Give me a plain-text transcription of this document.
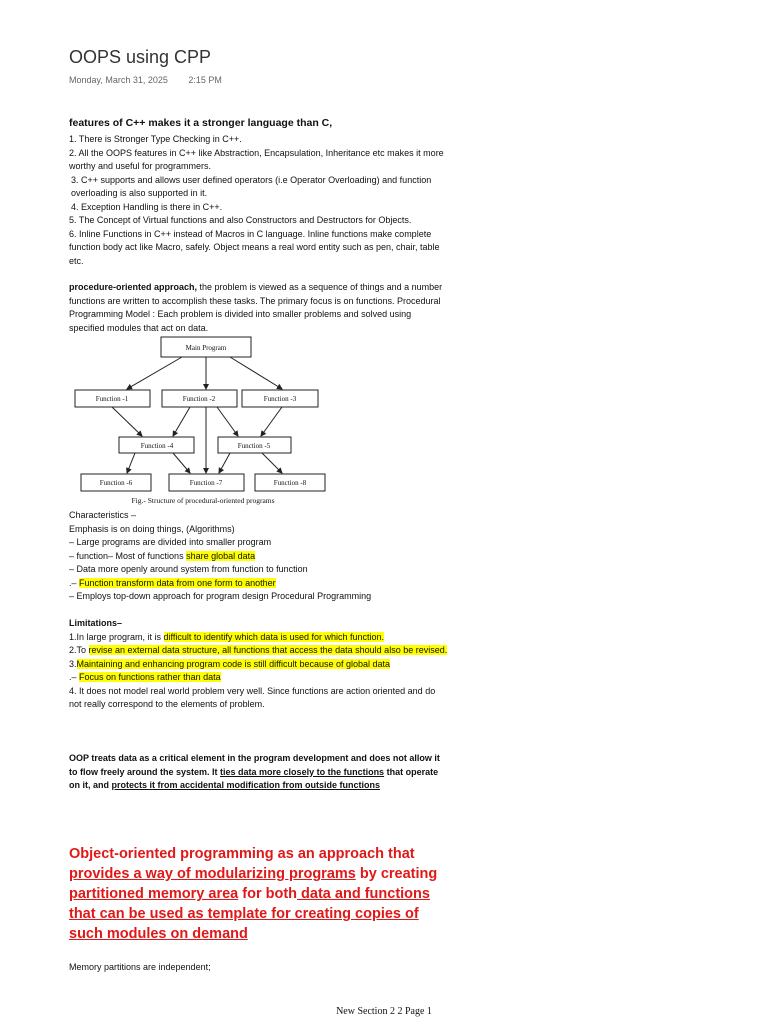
OOPS using CPP
Monday, March 31, 2025 2:15 PM
features of C++ makes it a stronger language than C,

1. There is Stronger Type Checking in C++.

2. All the OOPS features in C++ like Abstraction, Encapsulation, Inheritance etc makes it more worthy and useful for programmers.

3. C++ supports and allows user defined operators (i.e Operator Overloading) and function overloading is also supported in it.

4. Exception Handling is there in C++.

5. The Concept of Virtual functions and also Constructors and Destructors for Objects.

6. Inline Functions in C++ instead of Macros in C language. Inline functions make complete function body act like Macro, safely. Object means a real word entity such as pen, chair, table etc.

procedure-oriented approach, the problem is viewed as a sequence of things and a number functions are written to accomplish these tasks. The primary focus is on functions. Procedural Programming Model : Each problem is divided into smaller problems and solved using specified modules that act on data.
Main Program
Function -1	Function -2	Function -3
Function -4	Function -5
Function -6	Function -7	Function -8
Fig.- Structure of procedural-oriented programs

Characteristics –

Emphasis is on doing things, (Algorithms)

– Large programs are divided into smaller program

– function– Most of functions share global data

– Data more openly around system from function to function

.– Function transform data from one form to another

– Employs top-down approach for program design Procedural Programming

Limitations–

1.In large program, it is difficult to identify which data is used for which function.

2.To revise an external data structure, all functions that access the data should also be revised.

3.Maintaining and enhancing program code is still difficult because of global data

.– Focus on functions rather than data

4. It does not model real world problem very well. Since functions are action oriented and do not really correspond to the elements of problem.

OOP treats data as a critical element in the program development and does not allow it to flow freely around the system. It ties data more closely to the functions that operate on it, and protects it from accidental modification from outside functions
Object-oriented programming as an approach that provides a way of modularizing programs by creating partitioned memory area for both data and functions that can be used as template for creating copies of such modules on demand
Memory partitions are independent;
New Section 2 2 Page 1
